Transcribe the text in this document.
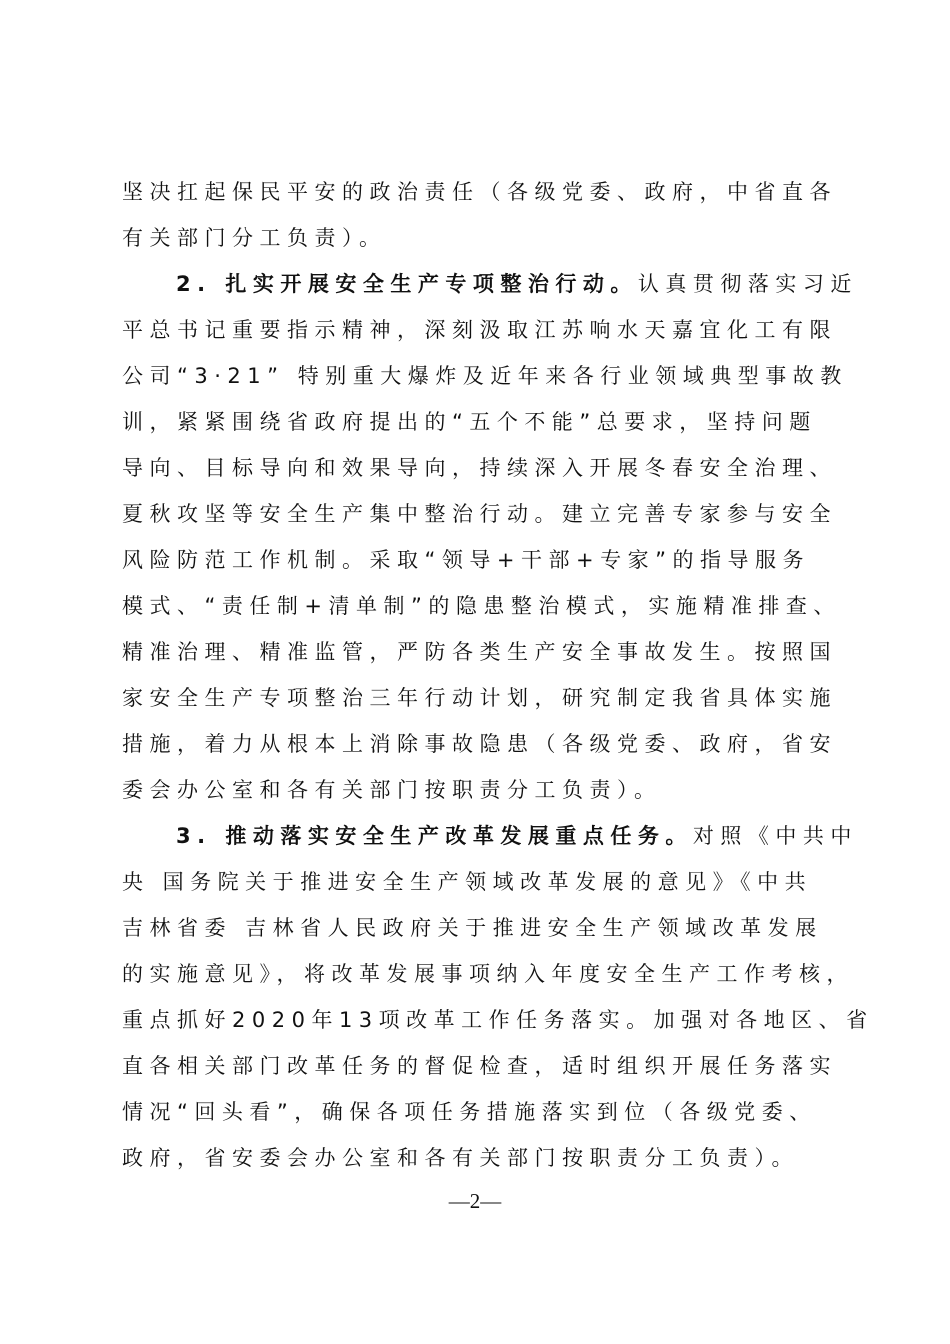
坚决扛起保民平安的政治责任（各级党委、政府，中省直各
有关部门分工负责）。
2. 扎实开展安全生产专项整治行动。认真贯彻落实习近
平总书记重要指示精神，深刻汲取江苏响水天嘉宜化工有限
公司“3·21” 特别重大爆炸及近年来各行业领域典型事故教
训，紧紧围绕省政府提出的“五个不能”总要求，坚持问题
导向、目标导向和效果导向，持续深入开展冬春安全治理、
夏秋攻坚等安全生产集中整治行动。建立完善专家参与安全
风险防范工作机制。采取“领导+干部+专家”的指导服务
模式、“责任制+清单制”的隐患整治模式，实施精准排查、
精准治理、精准监管，严防各类生产安全事故发生。按照国
家安全生产专项整治三年行动计划，研究制定我省具体实施
措施，着力从根本上消除事故隐患（各级党委、政府，省安
委会办公室和各有关部门按职责分工负责）。
3. 推动落实安全生产改革发展重点任务。对照《中共中
央 国务院关于推进安全生产领域改革发展的意见》《中共
吉林省委 吉林省人民政府关于推进安全生产领域改革发展
的实施意见》，将改革发展事项纳入年度安全生产工作考核，
重点抓好2020年13项改革工作任务落实。加强对各地区、省
直各相关部门改革任务的督促检查，适时组织开展任务落实
情况“回头看”，确保各项任务措施落实到位（各级党委、
政府，省安委会办公室和各有关部门按职责分工负责）。
—2—
